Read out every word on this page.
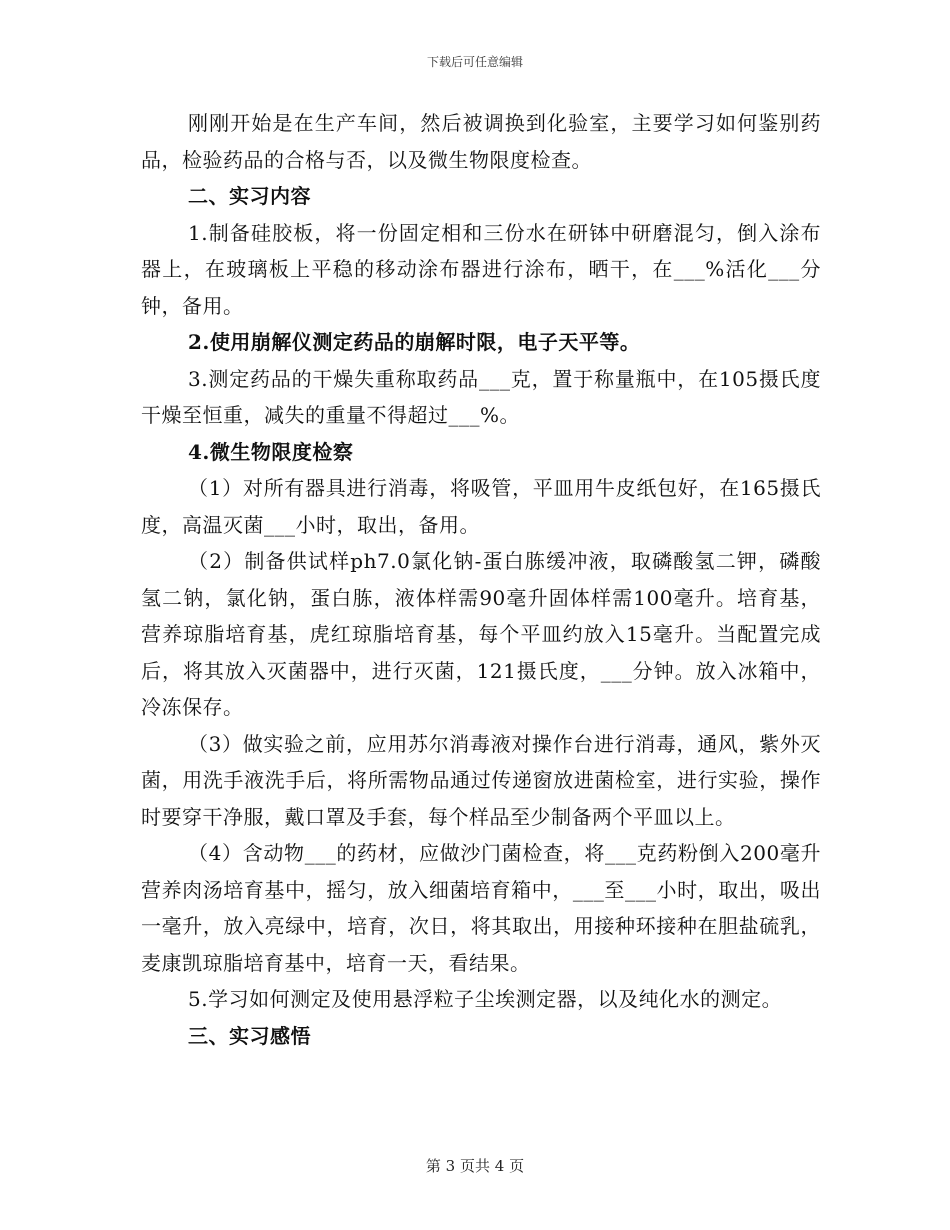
下载后可任意编辑

刚刚开始是在生产车间，然后被调换到化验室，主要学习如何鉴别药品，检验药品的合格与否，以及微生物限度检查。

二、实习内容

1.制备硅胶板，将一份固定相和三份水在研钵中研磨混匀，倒入涂布器上，在玻璃板上平稳的移动涂布器进行涂布，晒干，在___%活化___分钟，备用。

2.使用崩解仪测定药品的崩解时限，电子天平等。

3.测定药品的干燥失重称取药品___克，置于称量瓶中，在105摄氏度干燥至恒重，减失的重量不得超过___%。

4.微生物限度检察

（1）对所有器具进行消毒，将吸管，平皿用牛皮纸包好，在165摄氏度，高温灭菌___小时，取出，备用。

（2）制备供试样ph7.0氯化钠-蛋白胨缓冲液，取磷酸氢二钾，磷酸氢二钠，氯化钠，蛋白胨，液体样需90毫升固体样需100毫升。培育基，营养琼脂培育基，虎红琼脂培育基，每个平皿约放入15毫升。当配置完成后，将其放入灭菌器中，进行灭菌，121摄氏度，___分钟。放入冰箱中，冷冻保存。

（3）做实验之前，应用苏尔消毒液对操作台进行消毒，通风，紫外灭菌，用洗手液洗手后，将所需物品通过传递窗放进菌检室，进行实验，操作时要穿干净服，戴口罩及手套，每个样品至少制备两个平皿以上。

（4）含动物___的药材，应做沙门菌检查，将___克药粉倒入200毫升营养肉汤培育基中，摇匀，放入细菌培育箱中，___至___小时，取出，吸出一毫升，放入亮绿中，培育，次日，将其取出，用接种环接种在胆盐硫乳，麦康凯琼脂培育基中，培育一天，看结果。

5.学习如何测定及使用悬浮粒子尘埃测定器，以及纯化水的测定。

三、实习感悟

第 3 页共 4 页
